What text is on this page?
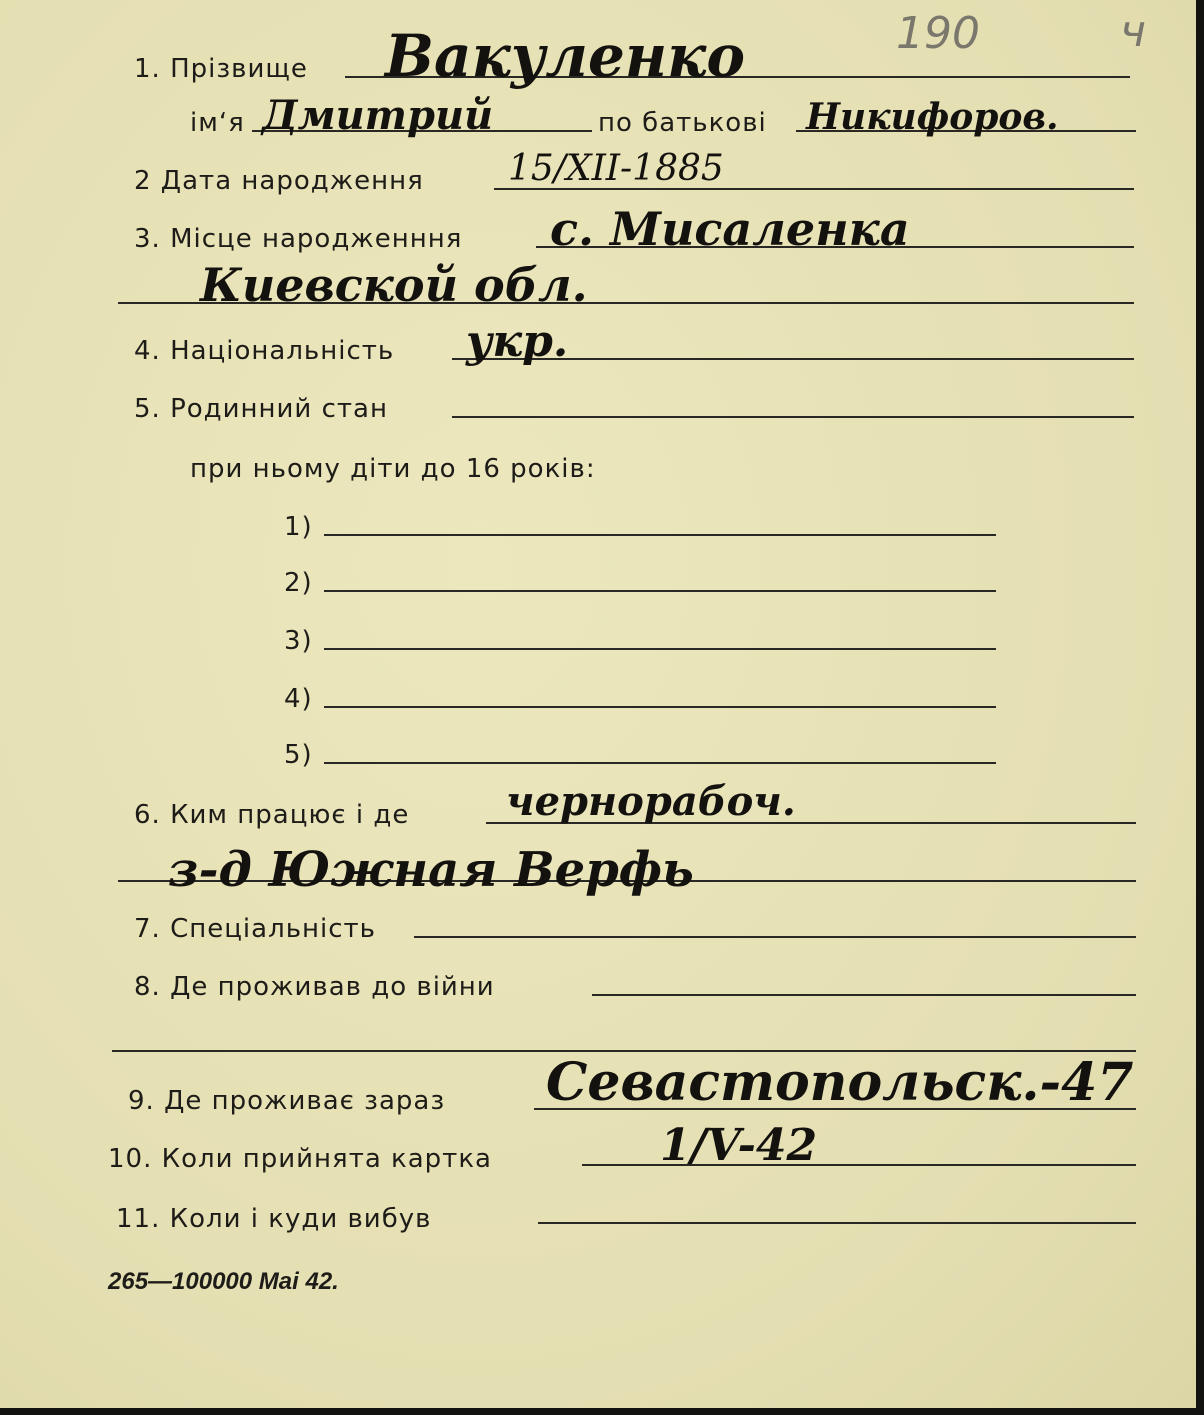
190	ч
1. Прізвище Вакуленко
ім‘я Дмитрий	по батькові Никифоров.
2 Дата народження 15/XII-1885
3. Місце народженння с. Мисаленка
Киевской обл.
4. Національність укр.
5. Родинний стан
при ньому діти до 16 років:
1)
2)
3)
4)
5)
6. Ким працює і де чернорабоч.
з-д Южная Верфь
7. Спеціальність
8. Де проживав до війни
9. Де проживає зараз Севастопольск.-47
10. Коли прийнята картка	1/V-42
11. Коли і куди вибув
265—100000 Mai 42.
